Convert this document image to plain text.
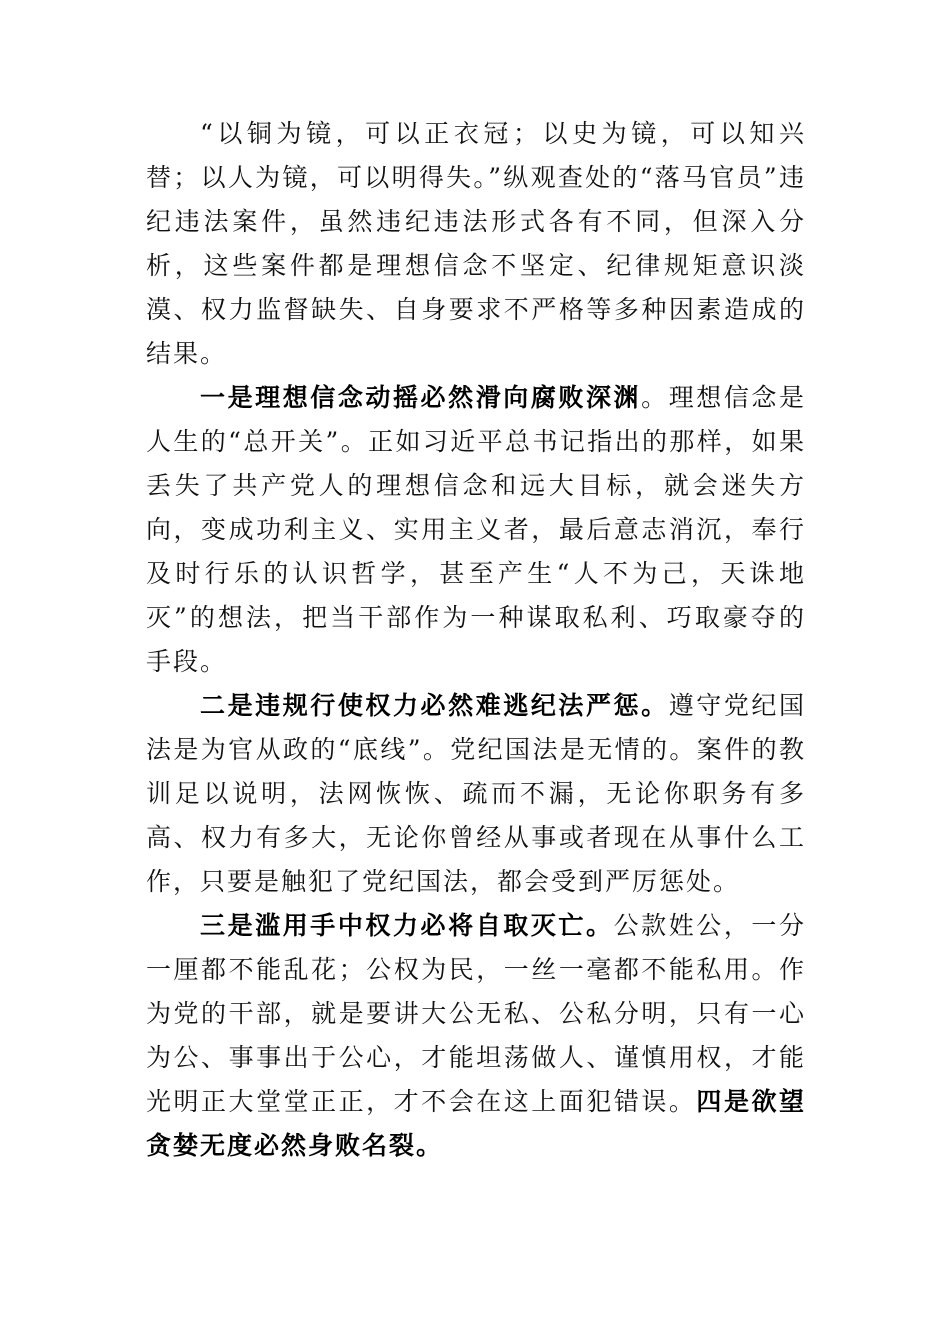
“以铜为镜，可以正衣冠；以史为镜，可以知兴替；以人为镜，可以明得失。”纵观查处的“落马官员”违纪违法案件，虽然违纪违法形式各有不同，但深入分析，这些案件都是理想信念不坚定、纪律规矩意识淡漠、权力监督缺失、自身要求不严格等多种因素造成的结果。

一是理想信念动摇必然滑向腐败深渊。理想信念是人生的“总开关”。正如习近平总书记指出的那样，如果丢失了共产党人的理想信念和远大目标，就会迷失方向，变成功利主义、实用主义者，最后意志消沉，奉行及时行乐的认识哲学，甚至产生“人不为己，天诛地灭”的想法，把当干部作为一种谋取私利、巧取豪夺的手段。

二是违规行使权力必然难逃纪法严惩。遵守党纪国法是为官从政的“底线”。党纪国法是无情的。案件的教训足以说明，法网恢恢、疏而不漏，无论你职务有多高、权力有多大，无论你曾经从事或者现在从事什么工作，只要是触犯了党纪国法，都会受到严厉惩处。

三是滥用手中权力必将自取灭亡。公款姓公，一分一厘都不能乱花；公权为民，一丝一毫都不能私用。作为党的干部，就是要讲大公无私、公私分明，只有一心为公、事事出于公心，才能坦荡做人、谨慎用权，才能光明正大堂堂正正，才不会在这上面犯错误。四是欲望贪婪无度必然身败名裂。
